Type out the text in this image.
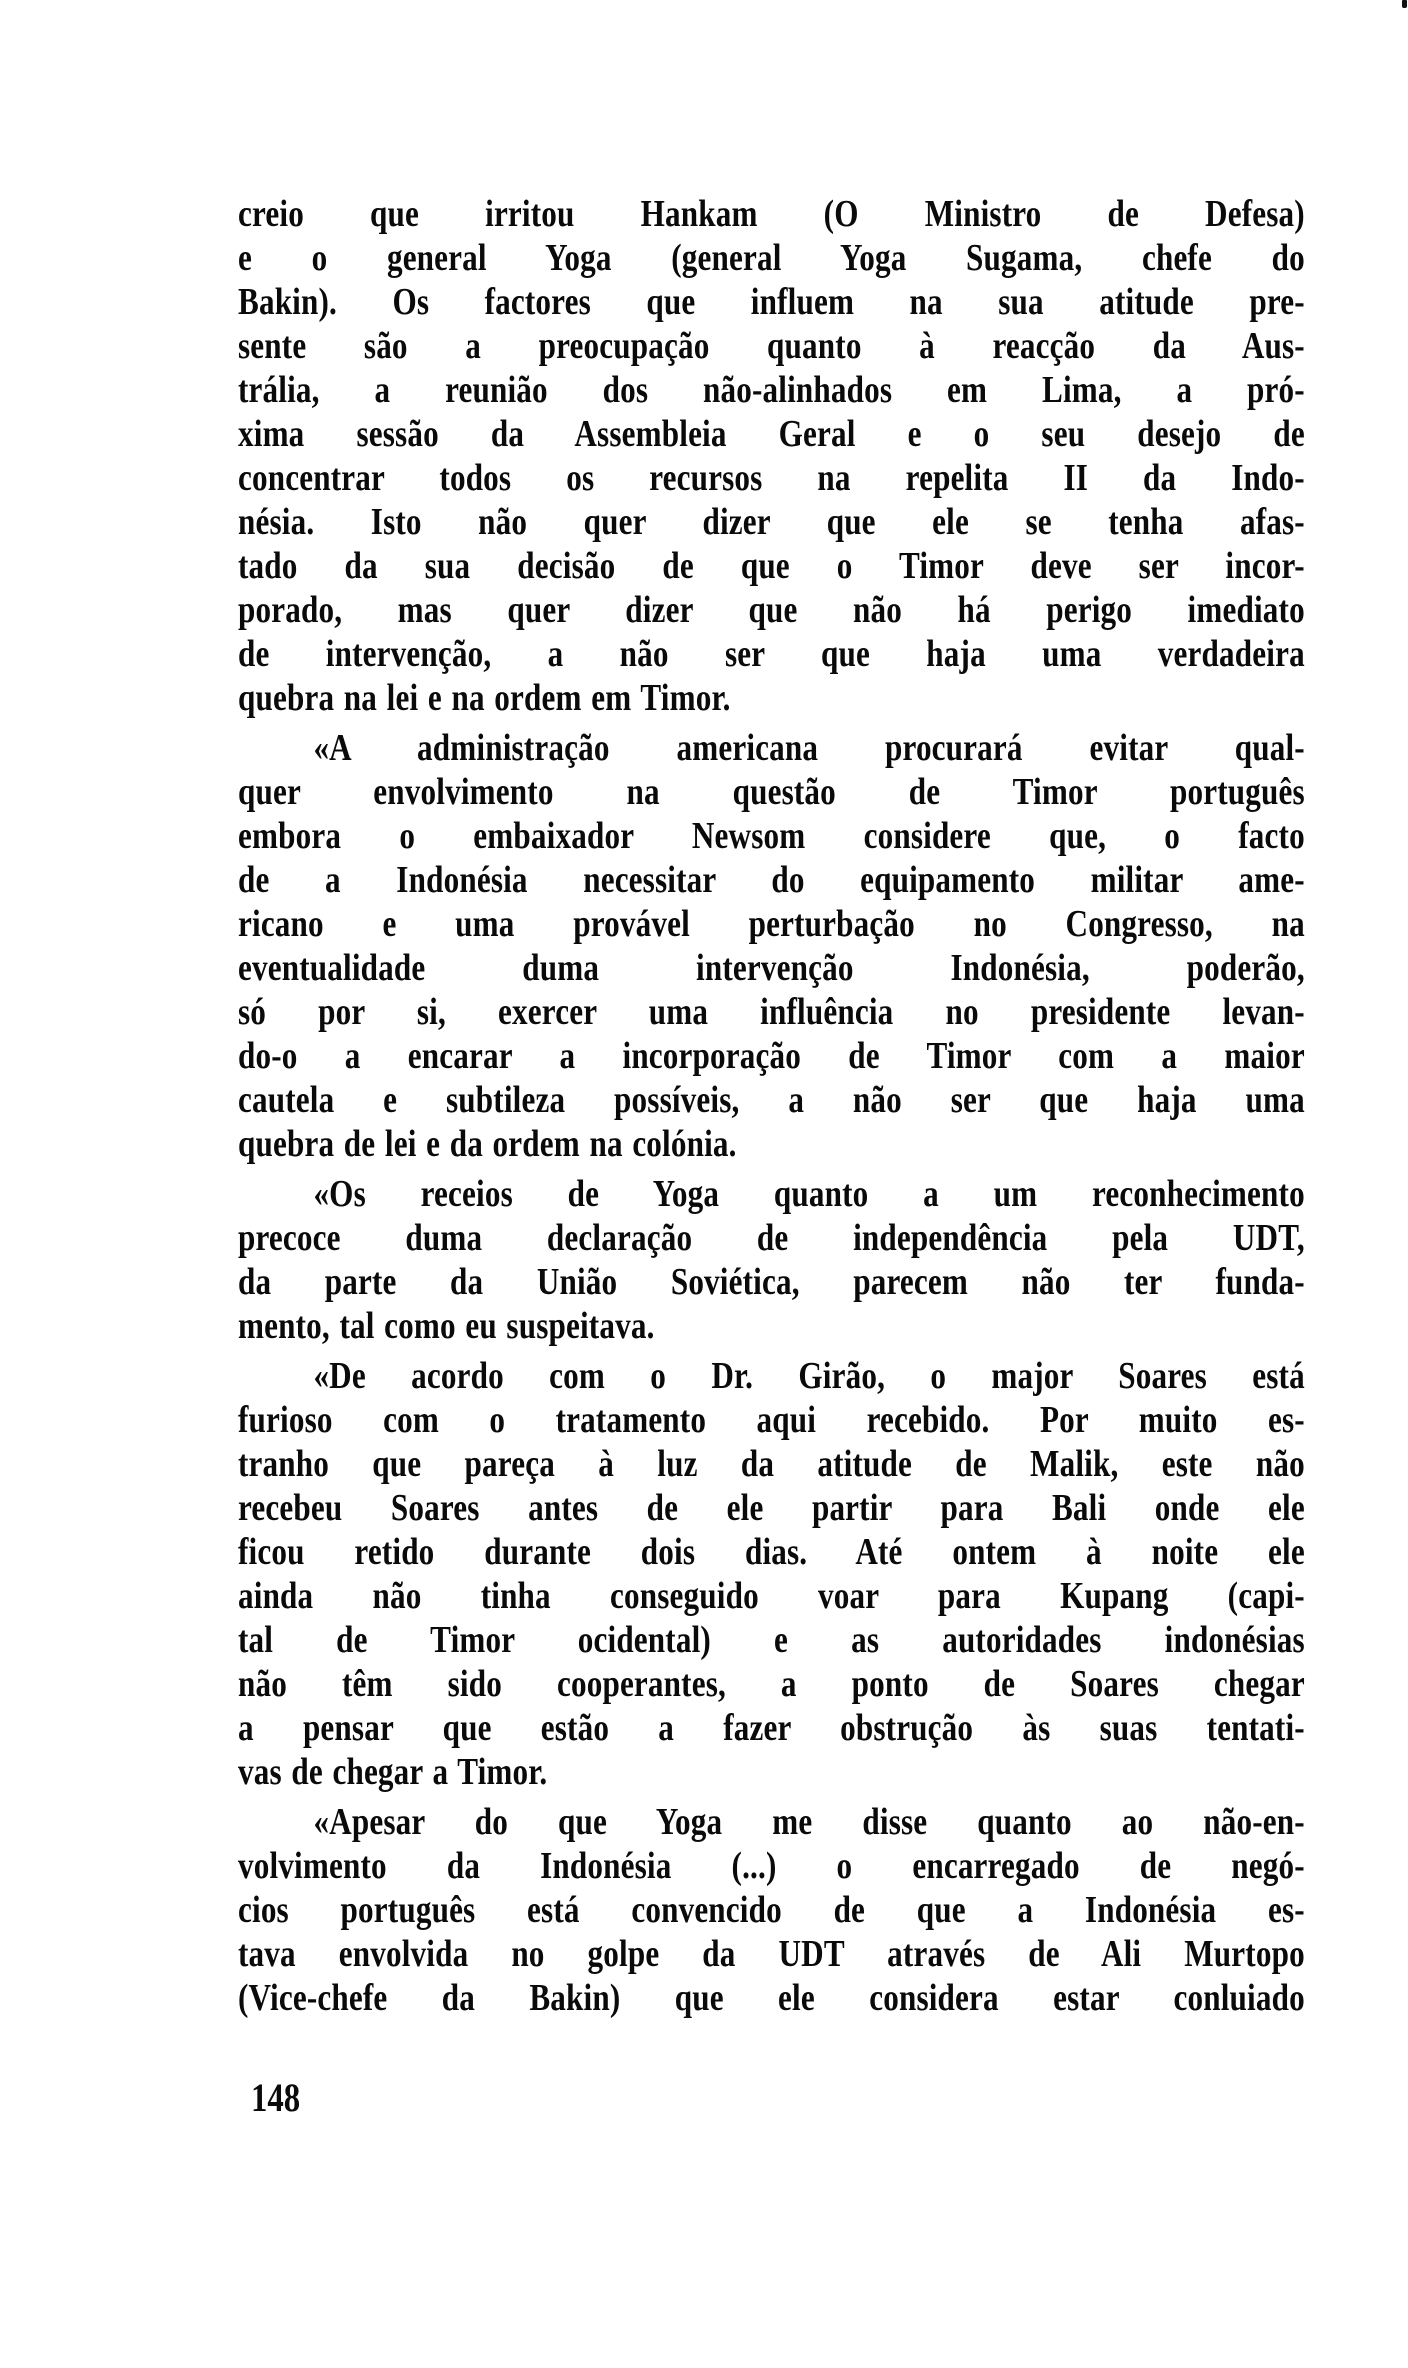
creio que irritou Hankam (O Ministro de Defesa)
e o general Yoga (general Yoga Sugama, chefe do
Bakin). Os factores que influem na sua atitude pre-
sente são a preocupação quanto à reacção da Aus-
trália, a reunião dos não-alinhados em Lima, a pró-
xima sessão da Assembleia Geral e o seu desejo de
concentrar todos os recursos na repelita II da Indo-
nésia. Isto não quer dizer que ele se tenha afas-
tado da sua decisão de que o Timor deve ser incor-
porado, mas quer dizer que não há perigo imediato
de intervenção, a não ser que haja uma verdadeira
quebra na lei e na ordem em Timor.

«A administração americana procurará evitar qual-
quer envolvimento na questão de Timor português
embora o embaixador Newsom considere que, o facto
de a Indonésia necessitar do equipamento militar ame-
ricano e uma provável perturbação no Congresso, na
eventualidade duma intervenção Indonésia, poderão,
só por si, exercer uma influência no presidente levan-
do-o a encarar a incorporação de Timor com a maior
cautela e subtileza possíveis, a não ser que haja uma
quebra de lei e da ordem na colónia.

«Os receios de Yoga quanto a um reconhecimento
precoce duma declaração de independência pela UDT,
da parte da União Soviética, parecem não ter funda-
mento, tal como eu suspeitava.

«De acordo com o Dr. Girão, o major Soares está
furioso com o tratamento aqui recebido. Por muito es-
tranho que pareça à luz da atitude de Malik, este não
recebeu Soares antes de ele partir para Bali onde ele
ficou retido durante dois dias. Até ontem à noite ele
ainda não tinha conseguido voar para Kupang (capi-
tal de Timor ocidental) e as autoridades indonésias
não têm sido cooperantes, a ponto de Soares chegar
a pensar que estão a fazer obstrução às suas tentati-
vas de chegar a Timor.

«Apesar do que Yoga me disse quanto ao não-en-
volvimento da Indonésia (...) o encarregado de negó-
cios português está convencido de que a Indonésia es-
tava envolvida no golpe da UDT através de Ali Murtopo
(Vice-chefe da Bakin) que ele considera estar conluiado

148
